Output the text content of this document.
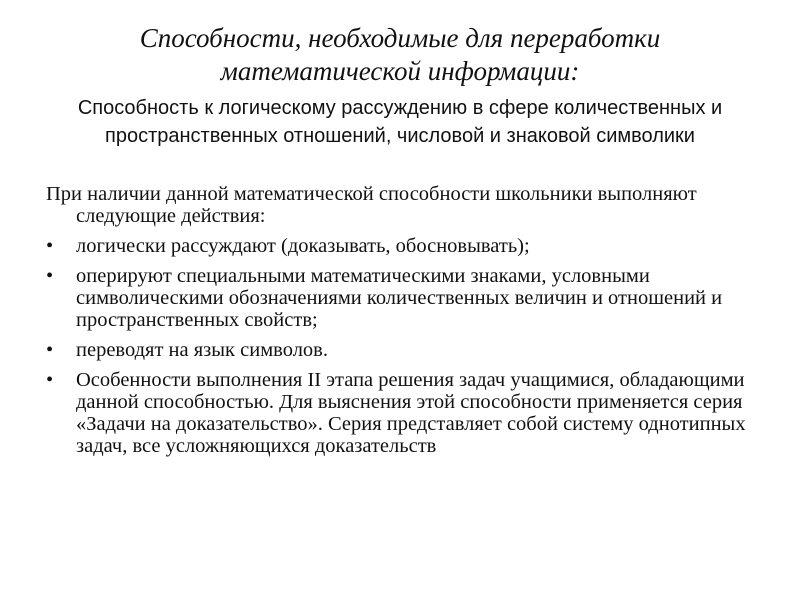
Способности, необходимые для переработки математической информации:

Способность к логическому рассуждению в сфере количественных и пространственных отношений, числовой и знаковой символики

При наличии данной математической способности школьники выполняют следующие действия:

•	логически рассуждают (доказывать, обосновывать);
•	оперируют специальными математическими знаками, условными символическими обозначениями количественных величин и отношений и пространственных свойств;
•	переводят на язык символов.
•	Особенности выполнения II этапа решения задач учащимися, обладающими данной способностью. Для выяснения этой способности применяется серия «Задачи на доказательство». Серия представляет собой систему однотипных задач, все усложняющихся доказательств
